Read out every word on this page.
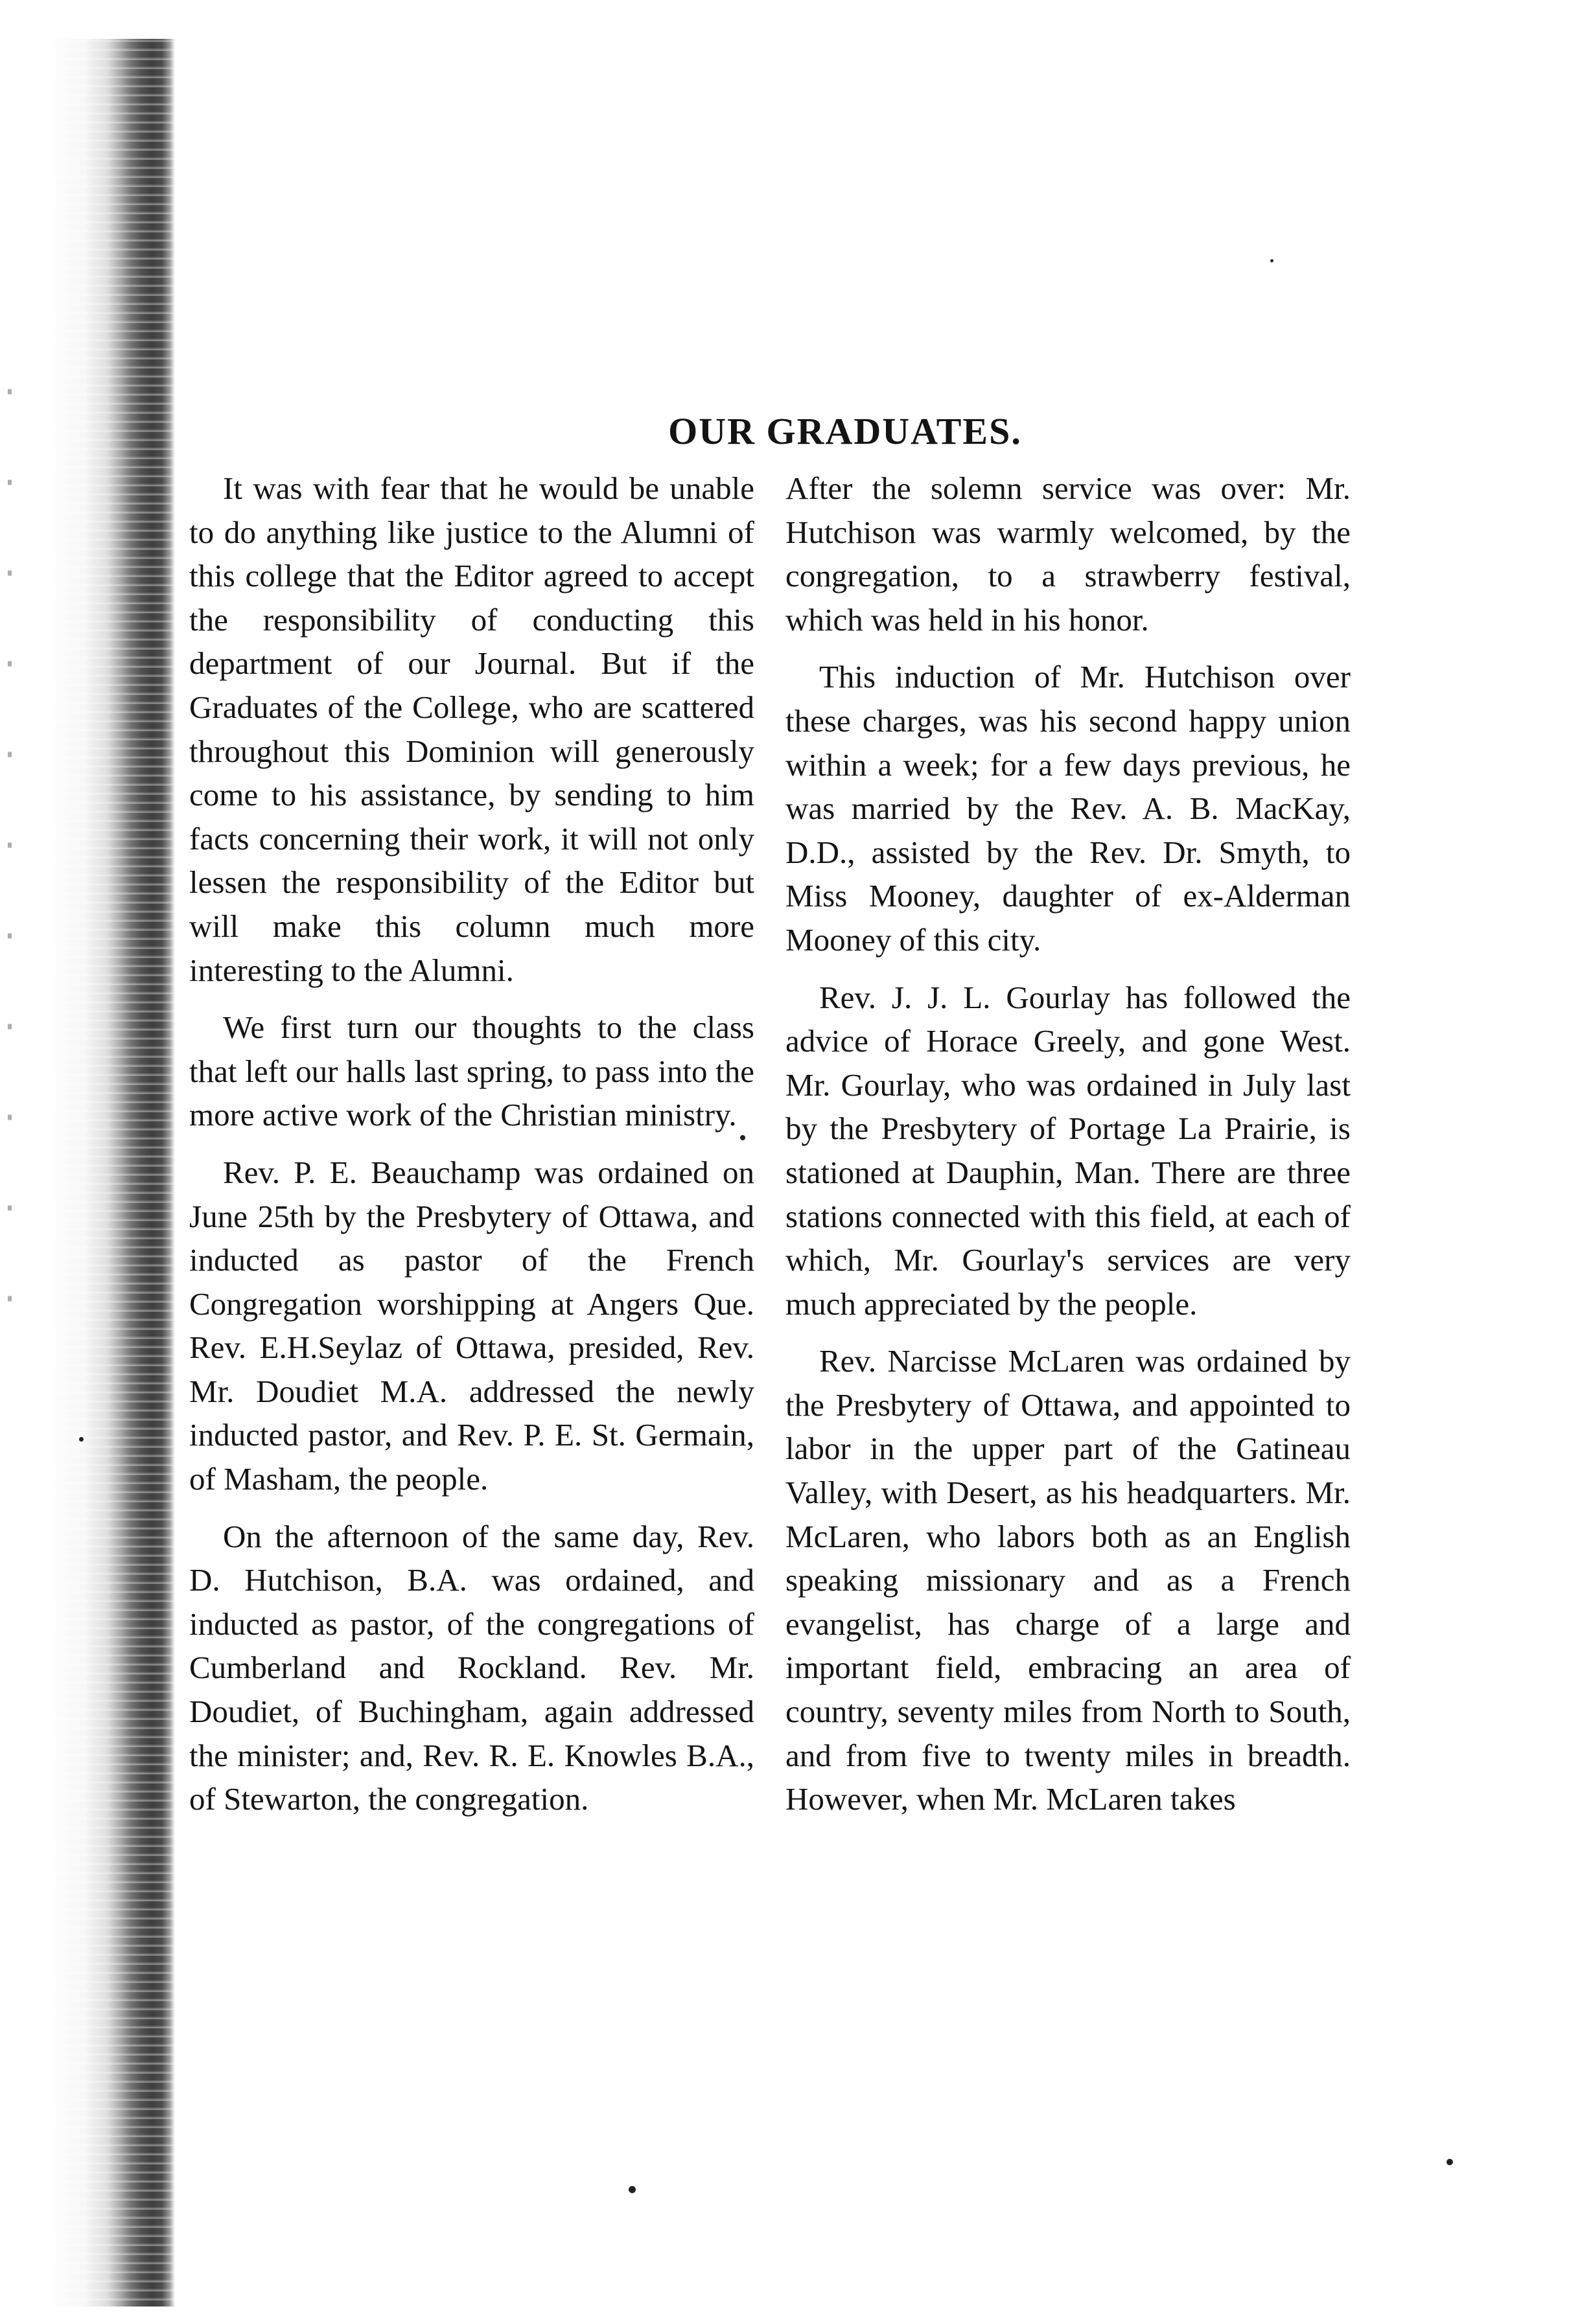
OUR GRADUATES.

It was with fear that he would be unable to do anything like justice to the Alumni of this college that the Editor agreed to accept the responsibility of conducting this department of our Journal. But if the Graduates of the College, who are scattered throughout this Dominion will generously come to his assistance, by sending to him facts concerning their work, it will not only lessen the responsibility of the Editor but will make this column much more interesting to the Alumni.

We first turn our thoughts to the class that left our halls last spring, to pass into the more active work of the Christian ministry.

Rev. P. E. Beauchamp was ordained on June 25th by the Presbytery of Ottawa, and inducted as pastor of the French Congregation worshipping at Angers Que. Rev. E.H.Seylaz of Ottawa, presided, Rev. Mr. Doudiet M.A. addressed the newly inducted pastor, and Rev. P. E. St. Germain, of Masham, the people.

On the afternoon of the same day, Rev. D. Hutchison, B.A. was ordained, and inducted as pastor, of the congregations of Cumberland and Rockland. Rev. Mr. Doudiet, of Buchingham, again addressed the minister; and, Rev. R. E. Knowles B.A., of Stewarton, the congregation.

After the solemn service was over: Mr. Hutchison was warmly welcomed, by the congregation, to a strawberry festival, which was held in his honor.

This induction of Mr. Hutchison over these charges, was his second happy union within a week; for a few days previous, he was married by the Rev. A. B. MacKay, D.D., assisted by the Rev. Dr. Smyth, to Miss Mooney, daughter of ex-Alderman Mooney of this city.

Rev. J. J. L. Gourlay has followed the advice of Horace Greely, and gone West. Mr. Gourlay, who was ordained in July last by the Presbytery of Portage La Prairie, is stationed at Dauphin, Man. There are three stations connected with this field, at each of which, Mr. Gourlay's services are very much appreciated by the people.

Rev. Narcisse McLaren was ordained by the Presbytery of Ottawa, and appointed to labor in the upper part of the Gatineau Valley, with Desert, as his headquarters. Mr. McLaren, who labors both as an English speaking missionary and as a French evangelist, has charge of a large and important field, embracing an area of country, seventy miles from North to South, and from five to twenty miles in breadth. However, when Mr. McLaren takes
